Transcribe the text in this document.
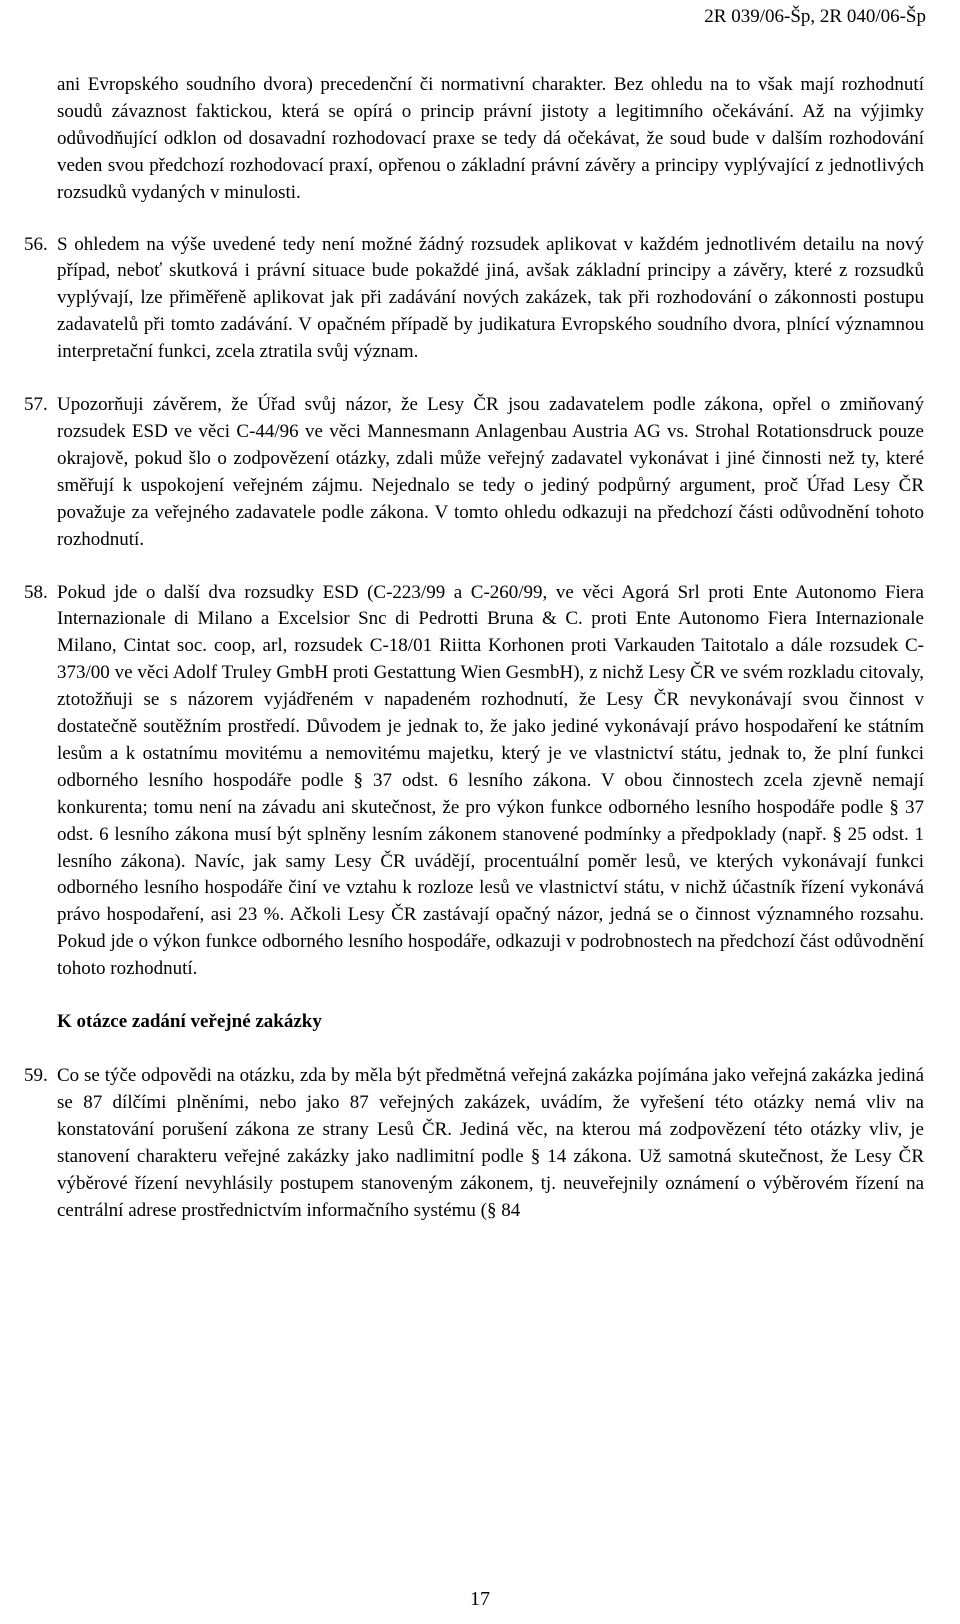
2R 039/06-Šp, 2R 040/06-Šp

ani Evropského soudního dvora) precedenční či normativní charakter. Bez ohledu na to však mají rozhodnutí soudů závaznost faktickou, která se opírá o princip právní jistoty a legitimního očekávání. Až na výjimky odůvodňující odklon od dosavadní rozhodovací praxe se tedy dá očekávat, že soud bude v dalším rozhodování veden svou předchozí rozhodovací praxí, opřenou o základní právní závěry a principy vyplývající z jednotlivých rozsudků vydaných v minulosti.

56. S ohledem na výše uvedené tedy není možné žádný rozsudek aplikovat v každém jednotlivém detailu na nový případ, neboť skutková i právní situace bude pokaždé jiná, avšak základní principy a závěry, které z rozsudků vyplývají, lze přiměřeně aplikovat jak při zadávání nových zakázek, tak při rozhodování o zákonnosti postupu zadavatelů při tomto zadávání. V opačném případě by judikatura Evropského soudního dvora, plnící významnou interpretační funkci, zcela ztratila svůj význam.

57. Upozorňuji závěrem, že Úřad svůj názor, že Lesy ČR jsou zadavatelem podle zákona, opřel o zmiňovaný rozsudek ESD ve věci C-44/96 ve věci Mannesmann Anlagenbau Austria AG vs. Strohal Rotationsdruck pouze okrajově, pokud šlo o zodpovězení otázky, zdali může veřejný zadavatel vykonávat i jiné činnosti než ty, které směřují k uspokojení veřejném zájmu. Nejednalo se tedy o jediný podpůrný argument, proč Úřad Lesy ČR považuje za veřejného zadavatele podle zákona. V tomto ohledu odkazuji na předchozí části odůvodnění tohoto rozhodnutí.

58. Pokud jde o další dva rozsudky ESD (C-223/99 a C-260/99, ve věci Agorá Srl proti Ente Autonomo Fiera Internazionale di Milano a Excelsior Snc di Pedrotti Bruna & C. proti Ente Autonomo Fiera Internazionale Milano, Cintat soc. coop, arl, rozsudek C-18/01 Riitta Korhonen proti Varkauden Taitotalo a dále rozsudek C-373/00 ve věci Adolf Truley GmbH proti Gestattung Wien GesmbH), z nichž Lesy ČR ve svém rozkladu citovaly, ztotožňuji se s názorem vyjádřeném v napadeném rozhodnutí, že Lesy ČR nevykonávají svou činnost v dostatečně soutěžním prostředí. Důvodem je jednak to, že jako jediné vykonávají právo hospodaření ke státním lesům a k ostatnímu movitému a nemovitému majetku, který je ve vlastnictví státu, jednak to, že plní funkci odborného lesního hospodáře podle § 37 odst. 6 lesního zákona. V obou činnostech zcela zjevně nemají konkurenta; tomu není na závadu ani skutečnost, že pro výkon funkce odborného lesního hospodáře podle § 37 odst. 6 lesního zákona musí být splněny lesním zákonem stanovené podmínky a předpoklady (např. § 25 odst. 1 lesního zákona). Navíc, jak samy Lesy ČR uvádějí, procentuální poměr lesů, ve kterých vykonávají funkci odborného lesního hospodáře činí ve vztahu k rozloze lesů ve vlastnictví státu, v nichž účastník řízení vykonává právo hospodaření, asi 23 %. Ačkoli Lesy ČR zastávají opačný názor, jedná se o činnost významného rozsahu. Pokud jde o výkon funkce odborného lesního hospodáře, odkazuji v podrobnostech na předchozí část odůvodnění tohoto rozhodnutí.

K otázce zadání veřejné zakázky

59. Co se týče odpovědi na otázku, zda by měla být předmětná veřejná zakázka pojímána jako veřejná zakázka jediná se 87 dílčími plněními, nebo jako 87 veřejných zakázek, uvádím, že vyřešení této otázky nemá vliv na konstatování porušení zákona ze strany Lesů ČR. Jediná věc, na kterou má zodpovězení této otázky vliv, je stanovení charakteru veřejné zakázky jako nadlimitní podle § 14 zákona. Už samotná skutečnost, že Lesy ČR výběrové řízení nevyhlásily postupem stanoveným zákonem, tj. neuveřejnily oznámení o výběrovém řízení na centrální adrese prostřednictvím informačního systému (§ 84

17
